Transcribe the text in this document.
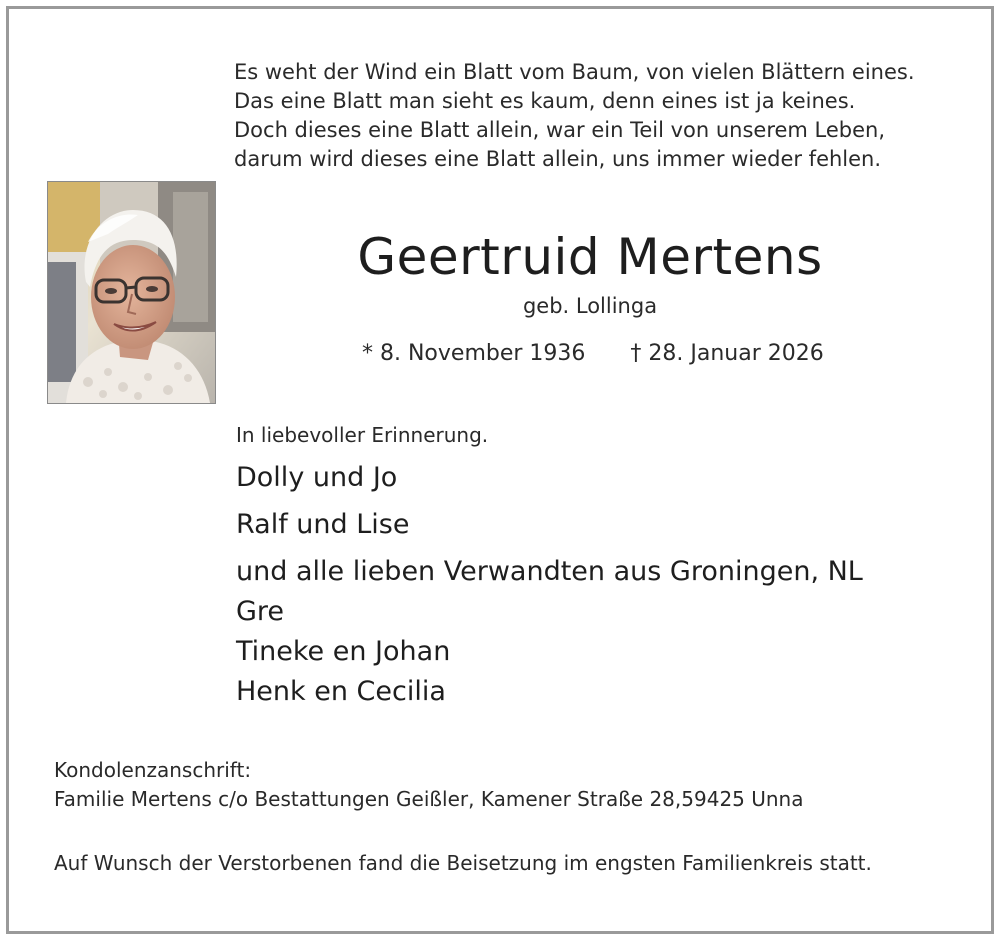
Es weht der Wind ein Blatt vom Baum, von vielen Blättern eines.
Das eine Blatt man sieht es kaum, denn eines ist ja keines.
Doch dieses eine Blatt allein, war ein Teil von unserem Leben,
darum wird dieses eine Blatt allein, uns immer wieder fehlen.
Geertruid Mertens
geb. Lollinga
* 8. November 1936 † 28. Januar 2026
In liebevoller Erinnerung.
Dolly und Jo
Ralf und Lise
und alle lieben Verwandten aus Groningen, NL
Gre
Tineke en Johan
Henk en Cecilia
Kondolenzanschrift:
Familie Mertens c/o Bestattungen Geißler, Kamener Straße 28,59425 Unna
Auf Wunsch der Verstorbenen fand die Beisetzung im engsten Familienkreis statt.
